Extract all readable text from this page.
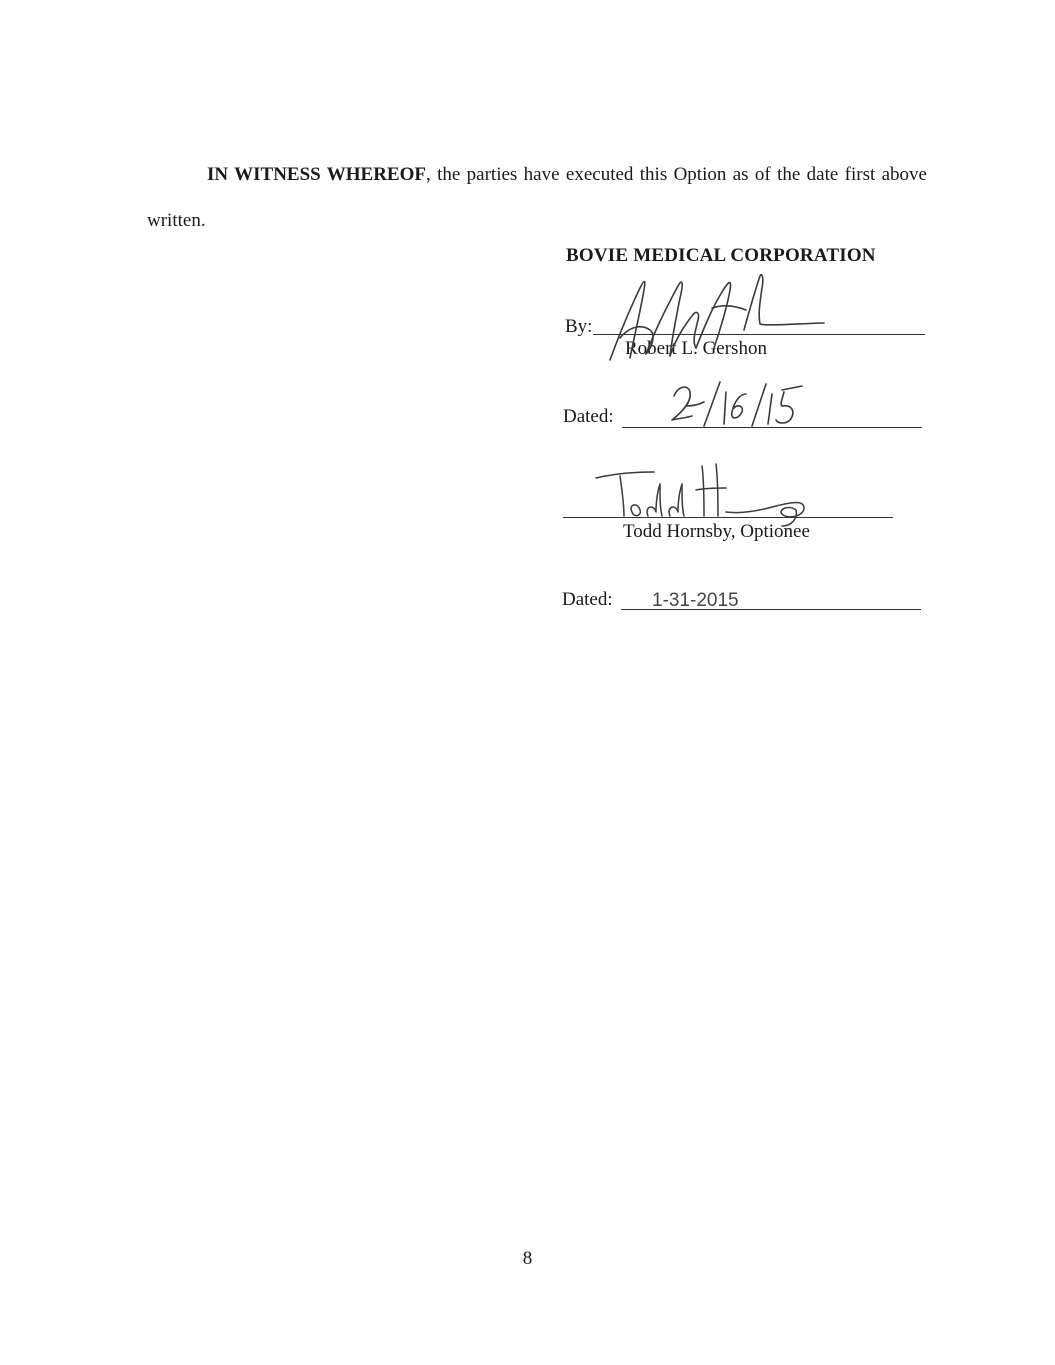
IN WITNESS WHEREOF, the parties have executed this Option as of the date first above written.

BOVIE MEDICAL CORPORATION
By:
Robert L. Gershon
Dated:
2/16/15
Todd Hornsby, Optionee
Dated: 1-31-2015
8
